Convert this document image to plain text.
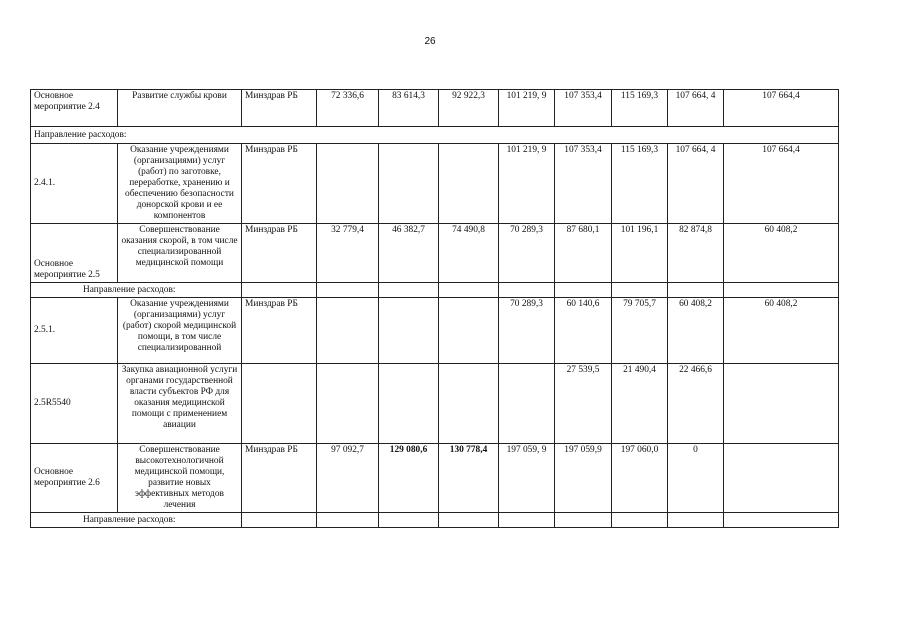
26
Основное мероприятие 2.4	Развитие службы крови	Минздрав РБ	72 336,6	83 614,3	92 922,3	101 219, 9	107 353,4	115 169,3	107 664, 4	107 664,4
Направление расходов:										
2.4.1.	Оказание учреждениями (организациями) услуг (работ) по заготовке, переработке, хранению и обеспечению безопасности донорской крови и ее компонентов	Минздрав РБ				101 219, 9	107 353,4	115 169,3	107 664, 4	107 664,4
Основное мероприятие 2.5	Совершенствование оказания скорой, в том числе специализированной медицинской помощи	Минздрав РБ	32 779,4	46 382,7	74 490,8	70 289,3	87 680,1	101 196,1	82 874,8	60 408,2
Направление расходов:										
2.5.1.	Оказание учреждениями (организациями) услуг (работ) скорой медицинской помощи, в том числе специализированной	Минздрав РБ				70 289,3	60 140,6	79 705,7	60 408,2	60 408,2
2.5R5540	Закупка авиационной услуги органами государственной власти субъектов РФ для оказания медицинской помощи с применением авиации						27 539,5	21 490,4	22 466,6	
Основное мероприятие 2.6	Совершенствование высокотехнологичной медицинской помощи, развитие новых эффективных методов лечения	Минздрав РБ	97 092,7	129 080,6	130 778,4	197 059, 9	197 059,9	197 060,0	0	
Направление расходов:										
